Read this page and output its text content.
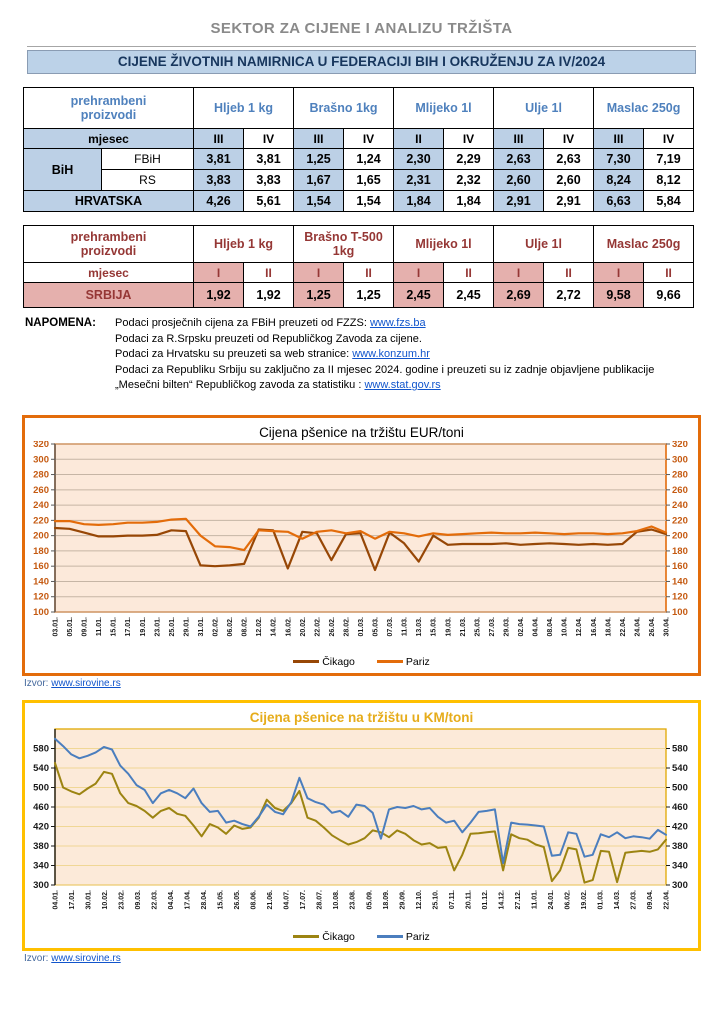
SEKTOR ZA CIJENE I ANALIZU TRŽIŠTA
CIJENE ŽIVOTNIH NAMIRNICA U FEDERACIJI BIH I OKRUŽENJU ZA IV/2024
prehrambeni proizvodi		Hljeb 1 kg		Brašno 1kg		Mlijeko 1l		Ulje 1l		Maslac 250g	
mjesec		III	IV	III	IV	II	IV	III	IV	III	IV
BiH	FBiH	3,81	3,81	1,25	1,24	2,30	2,29	2,63	2,63	7,30	7,19
	RS	3,83	3,83	1,67	1,65	2,31	2,32	2,60	2,60	8,24	8,12
HRVATSKA		4,26	5,61	1,54	1,54	1,84	1,84	2,91	2,91	6,63	5,84
prehrambeni proizvodi	Hljeb 1 kg		Brašno T-500 1kg		Mlijeko 1l		Ulje 1l		Maslac 250g	
mjesec	I	II	I	II	I	II	I	II	I	II
SRBIJA	1,92	1,92	1,25	1,25	2,45	2,45	2,69	2,72	9,58	9,66
NAPOMENA:	Podaci prosječnih cijena za FBiH preuzeti od FZZS: www.fzs.ba
Podaci za R.Srpsku preuzeti od Republičkog Zavoda za cijene.
Podaci za Hrvatsku su preuzeti sa web stranice: www.konzum.hr
Podaci za Republiku Srbiju su zaključno za II mjesec 2024. godine i preuzeti su iz zadnje objavljene publikacije
„Mesečni bilten“ Republičkog zavoda za statistiku : www.stat.gov.rs
Cijena pšenice na tržištu EUR/toni
100	100
120	120
140	140
160	160
180	180
200	200
220	220
240	240
260	260
280	280
300	300
320	320
03.01. 05.01. 09.01. 11.01. 15.01. 17.01. 19.01. 23.01. 25.01. 29.01. 31.01. 02.02. 06.02. 08.02. 12.02. 14.02. 16.02. 20.02. 22.02. 26.02. 28.02. 01.03. 05.03. 07.03. 11.03. 13.03. 15.03. 19.03. 21.03. 25.03. 27.03. 29.03. 02.04. 04.04. 08.04. 10.04. 12.04. 16.04. 18.04. 22.04. 24.04. 26.04. 30.04.
Čikago	Pariz
Izvor: www.sirovine.rs
Cijena pšenice na tržištu u KM/toni
300	300
340	340
380	380
420	420
460	460
500	500
540	540
580	580
04.01. 17.01. 30.01. 10.02. 23.02. 09.03. 22.03. 04.04. 17.04. 28.04. 15.05. 26.05. 08.06. 21.06. 04.07. 17.07. 28.07. 10.08. 23.08. 05.09. 18.09. 29.09. 12.10. 25.10. 07.11. 20.11. 01.12. 14.12. 27.12. 11.01. 24.01. 06.02. 19.02. 01.03. 14.03. 27.03. 09.04. 22.04.
Čikago	Pariz
Izvor: www.sirovine.rs
